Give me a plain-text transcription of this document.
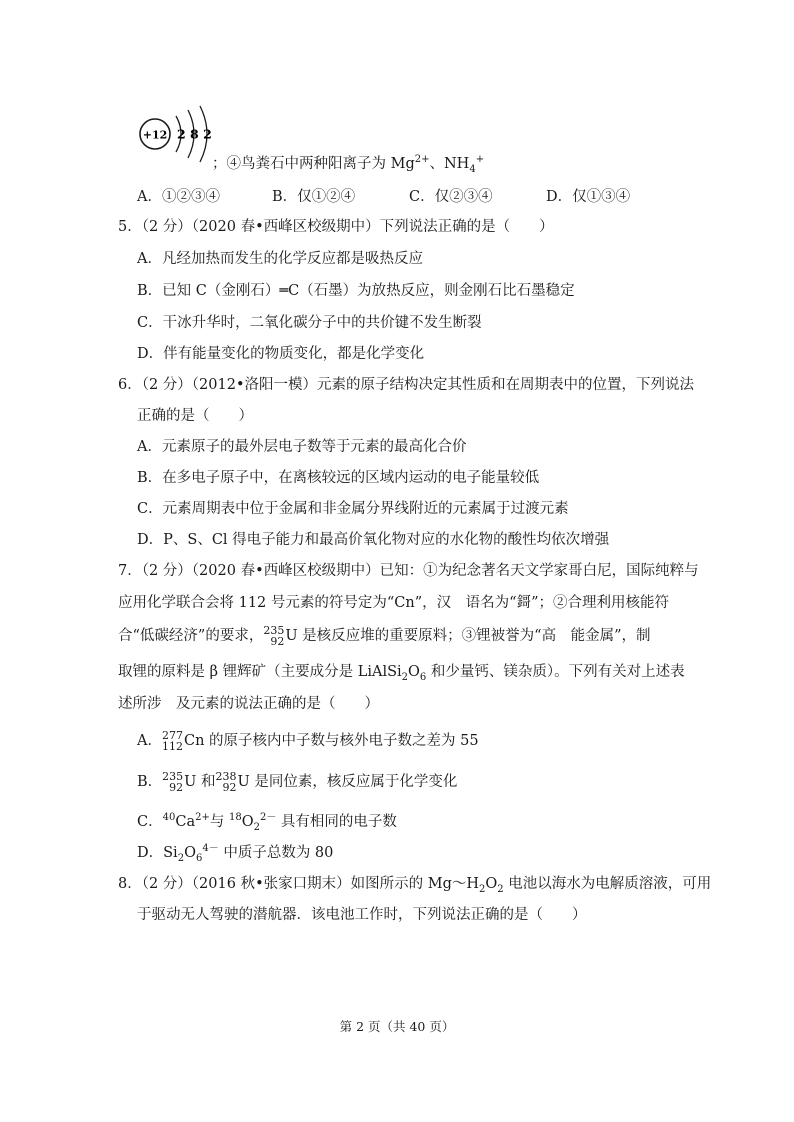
+12 2 8 2
；④鸟粪石中两种阳离子为 $Mg^{2+}$、$NH_4^+$
A．①②③④	B．仅①②④	C．仅②③④	D．仅①③④
5．（2 分）（2020 春•西峰区校级期中）下列说法正确的是（　　）
A．凡经加热而发生的化学反应都是吸热反应
B．已知 C（金刚石）═C（石墨）为放热反应，则金刚石比石墨稳定
C．干冰升华时，二氧化碳分子中的共价键不发生断裂
D．伴有能量变化的物质变化，都是化学变化
6．（2 分）（2012•洛阳一模）元素的原子结构决定其性质和在周期表中的位置，下列说法
正确的是（　　）
A．元素原子的最外层电子数等于元素的最高化合价
B．在多电子原子中，在离核较远的区域内运动的电子能量较低
C．元素周期表中位于金属和非金属分界线附近的元素属于过渡元素
D．P、S、Cl 得电子能力和最高价氧化物对应的水化物的酸性均依次增强
7．（2 分）（2020 春•西峰区校级期中）已知：①为纪念著名天文学家哥白尼，国际纯粹与
应用化学联合会将 112 号元素的符号定为“Cn”，汉　语名为“鎶”；②合理利用核能符
合“低碳经济”的要求， 235
92 U 是核反应堆的重要原料；③锂被誉为“高　能金属”，制
取锂的原料是 β 锂辉矿（主要成分是 $LiAlSi_2O_6$ 和少量钙、镁杂质）。下列有关对上述表
述所涉　及元素的说法正确的是（　　）
A． 277
112 Cn 的原子核内中子数与核外电子数之差为 55
B． 235
92 U 和 238
92 U 是同位素，核反应属于化学变化
C．$^{40}Ca^{2+}$与 $^{18}O_2^{2-}$ 具有相同的电子数
D．$Si_2O_6^{4-}$ 中质子总数为 80
8．（2 分）（2016 秋•张家口期末）如图所示的 $Mg\sim H_2O_2$ 电池以海水为电解质溶液，可用
于驱动无人驾驶的潜航器．该电池工作时，下列说法正确的是（　　）
第 2 页（共 40 页）
